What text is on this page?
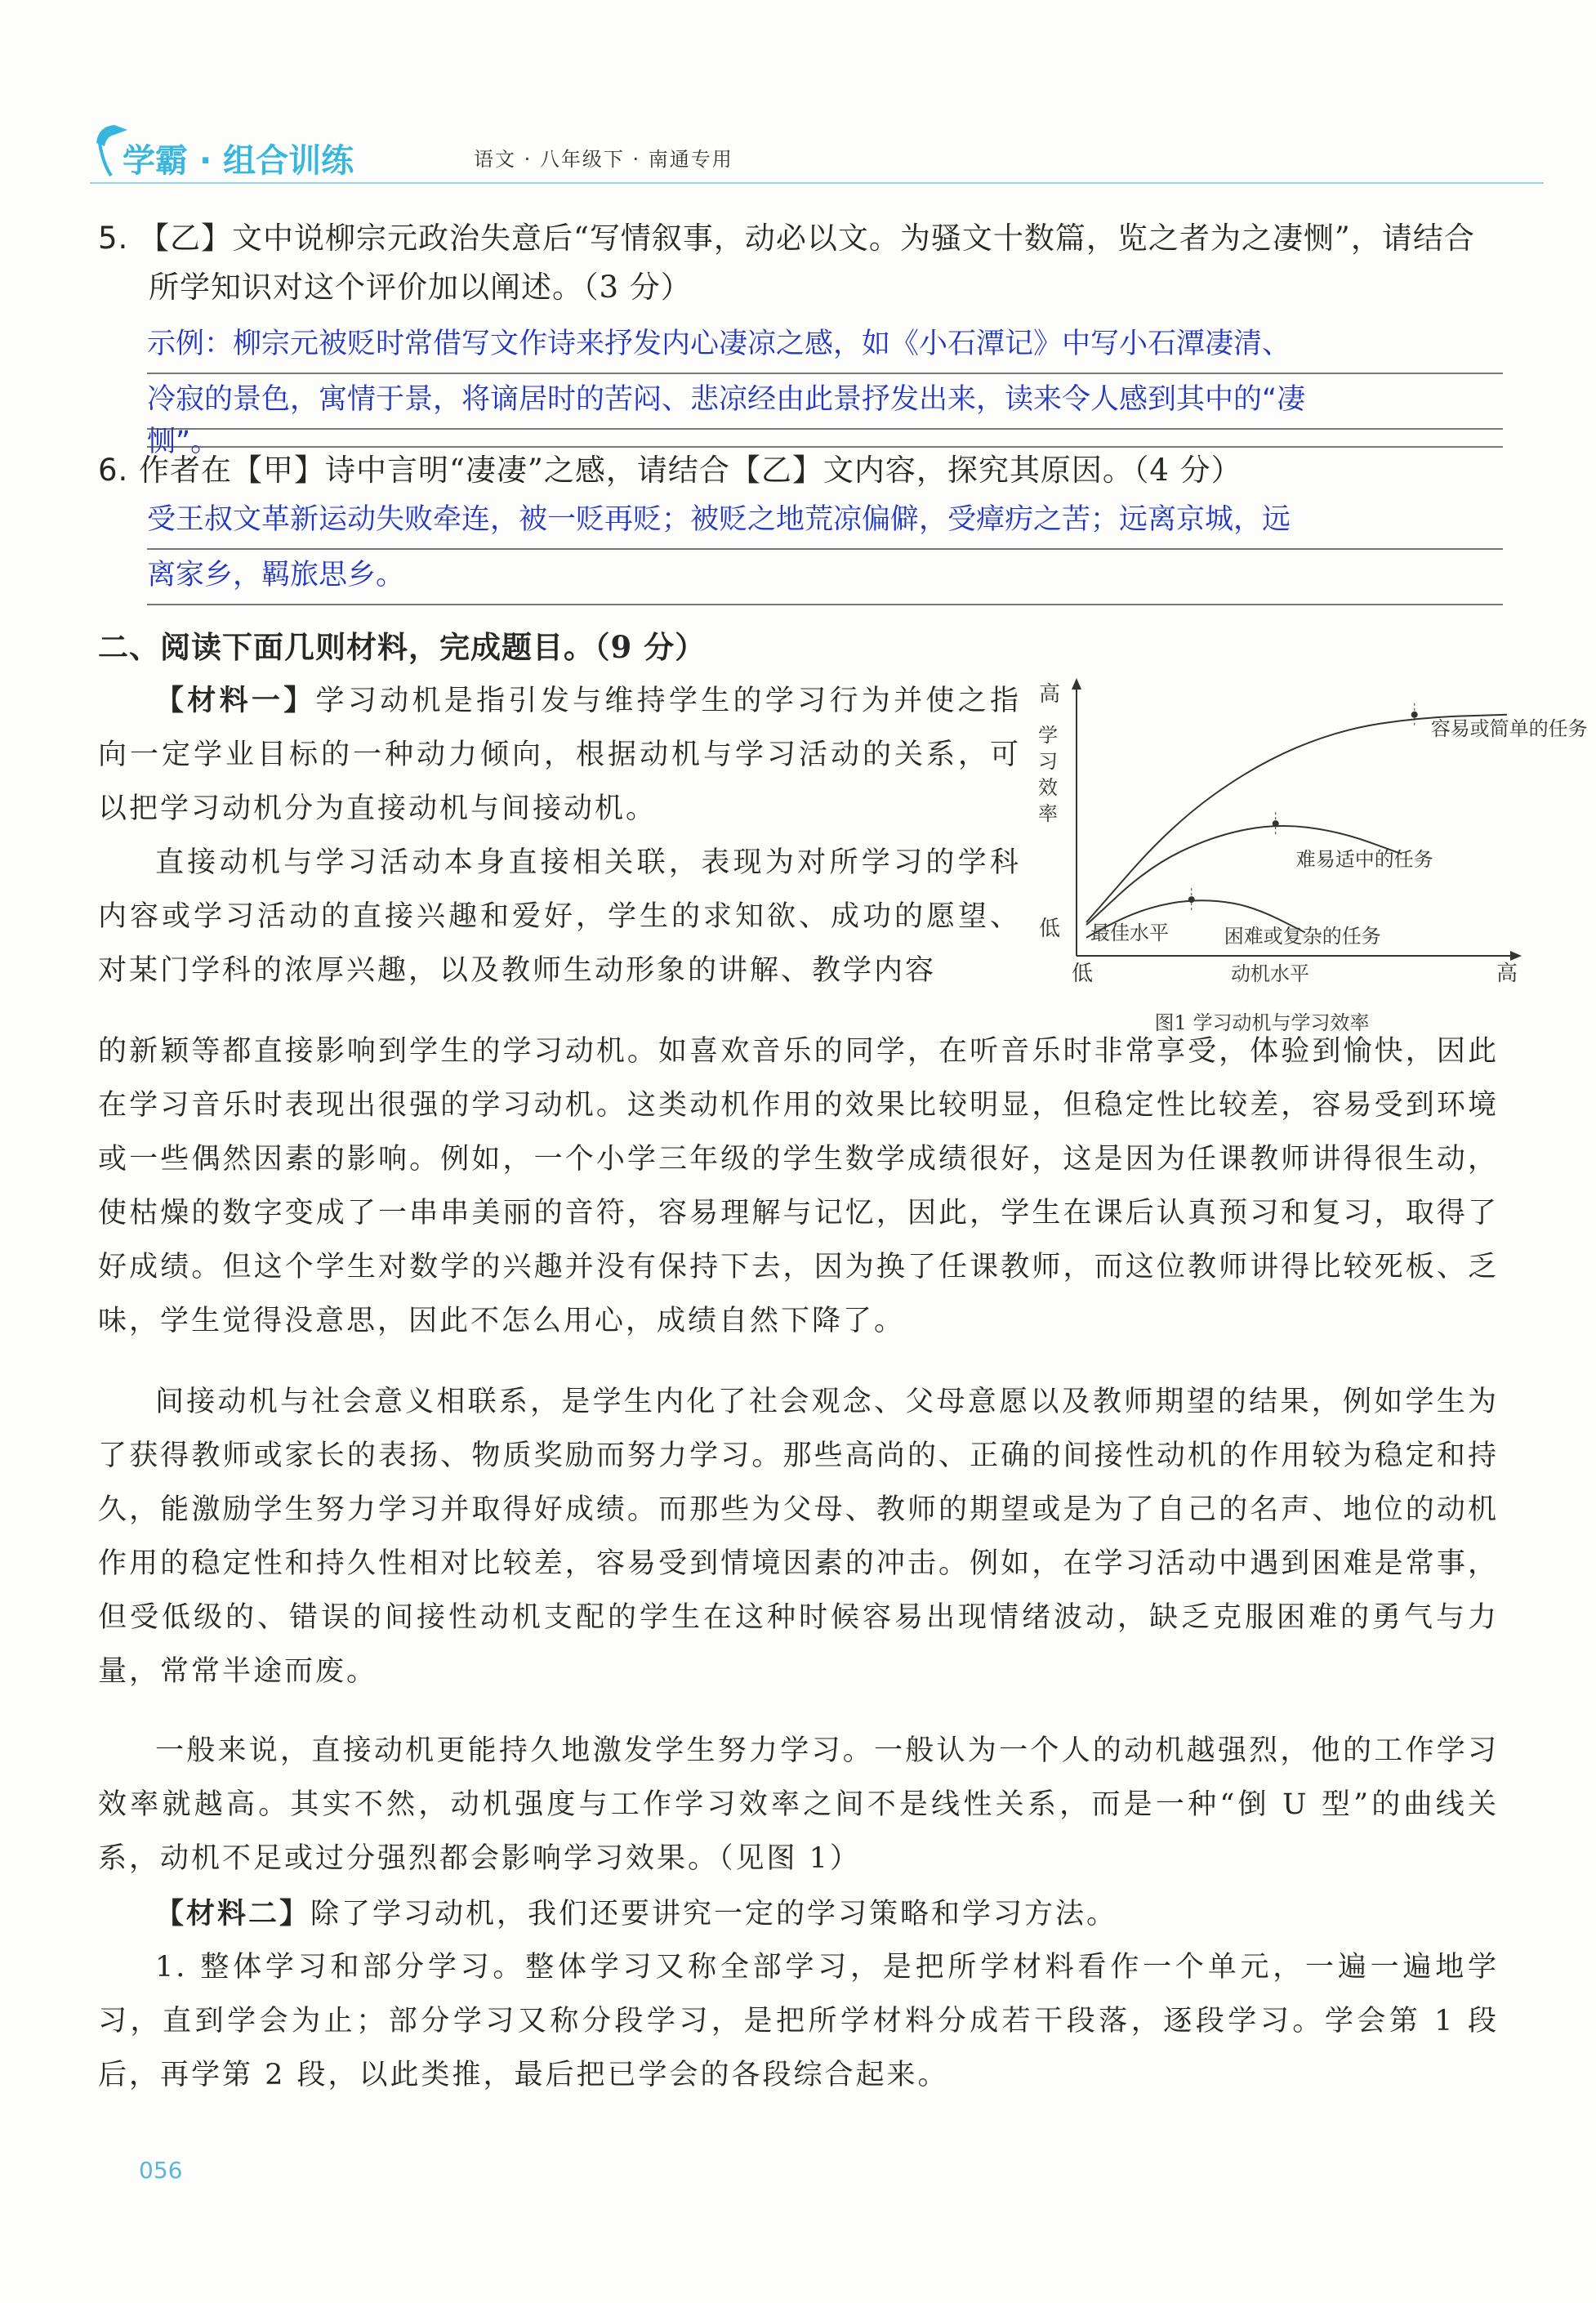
学霸 · 组合训练	语文 · 八年级下 · 南通专用
5. 【乙】文中说柳宗元政治失意后“写情叙事，动必以文。为骚文十数篇，览之者为之凄恻”，请结合
所学知识对这个评价加以阐述。（3 分）
示例：柳宗元被贬时常借写文作诗来抒发内心凄凉之感，如《小石潭记》中写小石潭凄清、
冷寂的景色，寓情于景，将谪居时的苦闷、悲凉经由此景抒发出来，读来令人感到其中的“凄
恻”。
6. 作者在【甲】诗中言明“凄凄”之感，请结合【乙】文内容，探究其原因。（4 分）
受王叔文革新运动失败牵连，被一贬再贬；被贬之地荒凉偏僻，受瘴疠之苦；远离京城，远
离家乡，羁旅思乡。
二、阅读下面几则材料，完成题目。（9 分）
【材料一】学习动机是指引发与维持学生的学习行为并使之指向一定学业目标的一种动力倾向，根据动机与学习活动的关系，可以把学习动机分为直接动机与间接动机。
直接动机与学习活动本身直接相关联，表现为对所学习的学科内容或学习活动的直接兴趣和爱好，学生的求知欲、成功的愿望、对某门学科的浓厚兴趣，以及教师生动形象的讲解、教学内容
的新颖等都直接影响到学生的学习动机。如喜欢音乐的同学，在听音乐时非常享受，体验到愉快，因此在学习音乐时表现出很强的学习动机。这类动机作用的效果比较明显，但稳定性比较差，容易受到环境或一些偶然因素的影响。例如，一个小学三年级的学生数学成绩很好，这是因为任课教师讲得很生动，使枯燥的数字变成了一串串美丽的音符，容易理解与记忆，因此，学生在课后认真预习和复习，取得了好成绩。但这个学生对数学的兴趣并没有保持下去，因为换了任课教师，而这位教师讲得比较死板、乏味，学生觉得没意思，因此不怎么用心，成绩自然下降了。
间接动机与社会意义相联系，是学生内化了社会观念、父母意愿以及教师期望的结果，例如学生为了获得教师或家长的表扬、物质奖励而努力学习。那些高尚的、正确的间接性动机的作用较为稳定和持久，能激励学生努力学习并取得好成绩。而那些为父母、教师的期望或是为了自己的名声、地位的动机作用的稳定性和持久性相对比较差，容易受到情境因素的冲击。例如，在学习活动中遇到困难是常事，但受低级的、错误的间接性动机支配的学生在这种时候容易出现情绪波动，缺乏克服困难的勇气与力量，常常半途而废。
一般来说，直接动机更能持久地激发学生努力学习。一般认为一个人的动机越强烈，他的工作学习效率就越高。其实不然，动机强度与工作学习效率之间不是线性关系，而是一种“倒 U 型”的曲线关系，动机不足或过分强烈都会影响学习效果。（见图 1）
【材料二】除了学习动机，我们还要讲究一定的学习策略和学习方法。
1. 整体学习和部分学习。整体学习又称全部学习，是把所学材料看作一个单元，一遍一遍地学习，直到学会为止；部分学习又称分段学习，是把所学材料分成若干段落，逐段学习。学会第 1 段后，再学第 2 段，以此类推，最后把已学会的各段综合起来。
高
低
低	高
动机水平
学
习
效
率
容易或简单的任务
难易适中的任务
困难或复杂的任务
最佳水平
图1 学习动机与学习效率
056
